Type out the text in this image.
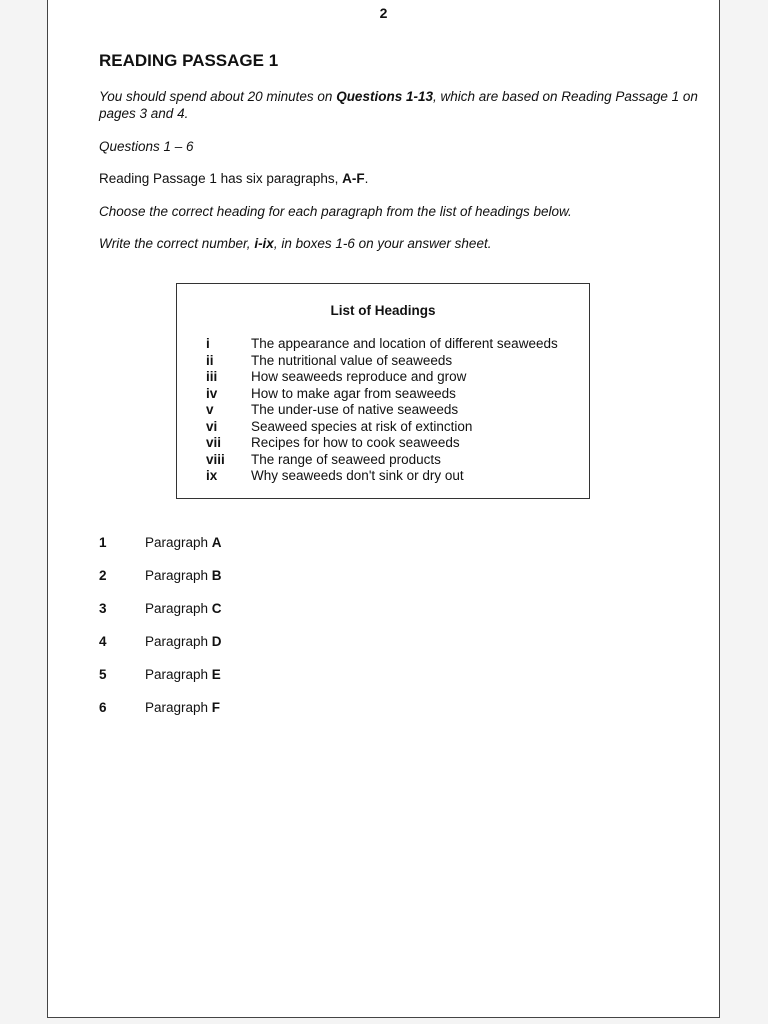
2
READING PASSAGE 1
You should spend about 20 minutes on Questions 1-13, which are based on Reading Passage 1 on pages 3 and 4.
Questions 1 – 6
Reading Passage 1 has six paragraphs, A-F.
Choose the correct heading for each paragraph from the list of headings below.
Write the correct number, i-ix, in boxes 1-6 on your answer sheet.
List of Headings
i	The appearance and location of different seaweeds
ii	The nutritional value of seaweeds
iii How seaweeds reproduce and grow
iv How to make agar from seaweeds
v	The under-use of native seaweeds
vi Seaweed species at risk of extinction
vii Recipes for how to cook seaweeds
viii The range of seaweed products
ix Why seaweeds don't sink or dry out
1	Paragraph A
2	Paragraph B
3	Paragraph C
4	Paragraph D
5	Paragraph E
6	Paragraph F
